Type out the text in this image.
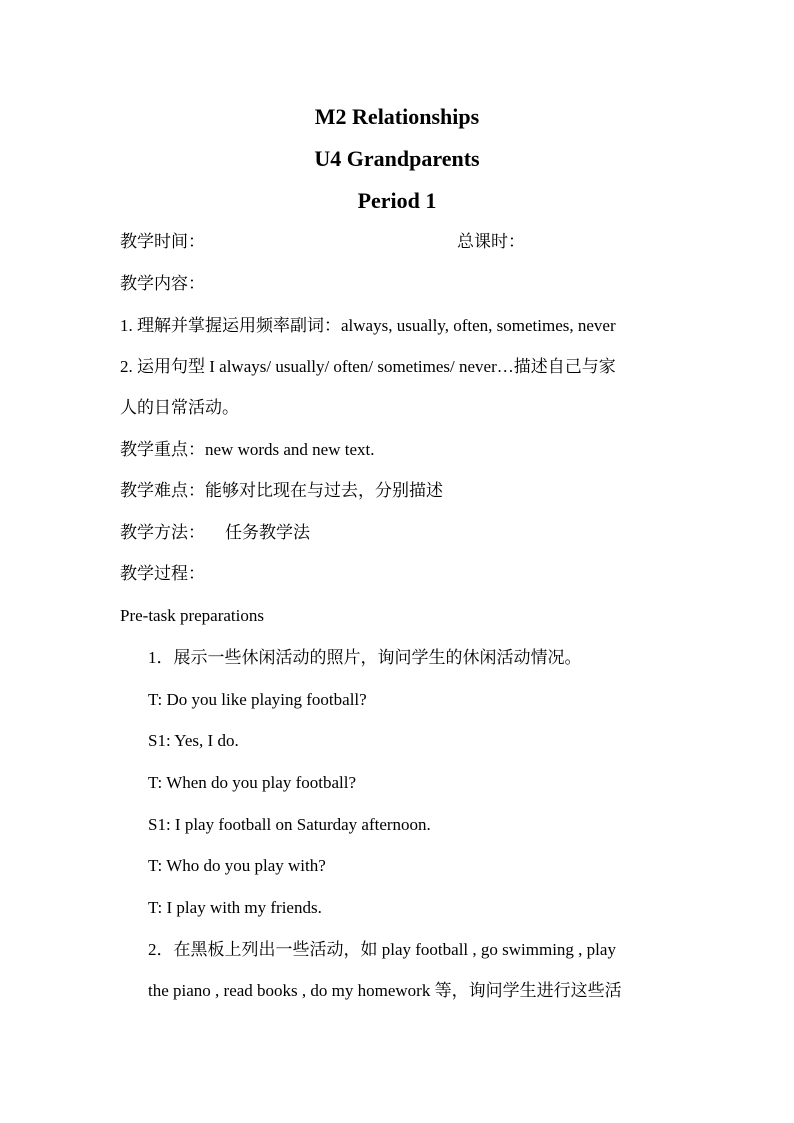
M2 Relationships
U4 Grandparents
Period 1
教学时间：	总课时：
教学内容：
1. 理解并掌握运用频率副词：always, usually, often, sometimes, never
2. 运用句型 I always/ usually/ often/ sometimes/ never…描述自己与家
人的日常活动。
教学重点：new words and new text.
教学难点：能够对比现在与过去，分别描述
教学方法： 任务教学法
教学过程：
Pre-task preparations
1．展示一些休闲活动的照片，询问学生的休闲活动情况。
T: Do you like playing football?
S1: Yes, I do.
T: When do you play football?
S1: I play football on Saturday afternoon.
T: Who do you play with?
T: I play with my friends.
2．在黑板上列出一些活动，如 play football , go swimming , play
the piano , read books , do my homework 等，询问学生进行这些活
